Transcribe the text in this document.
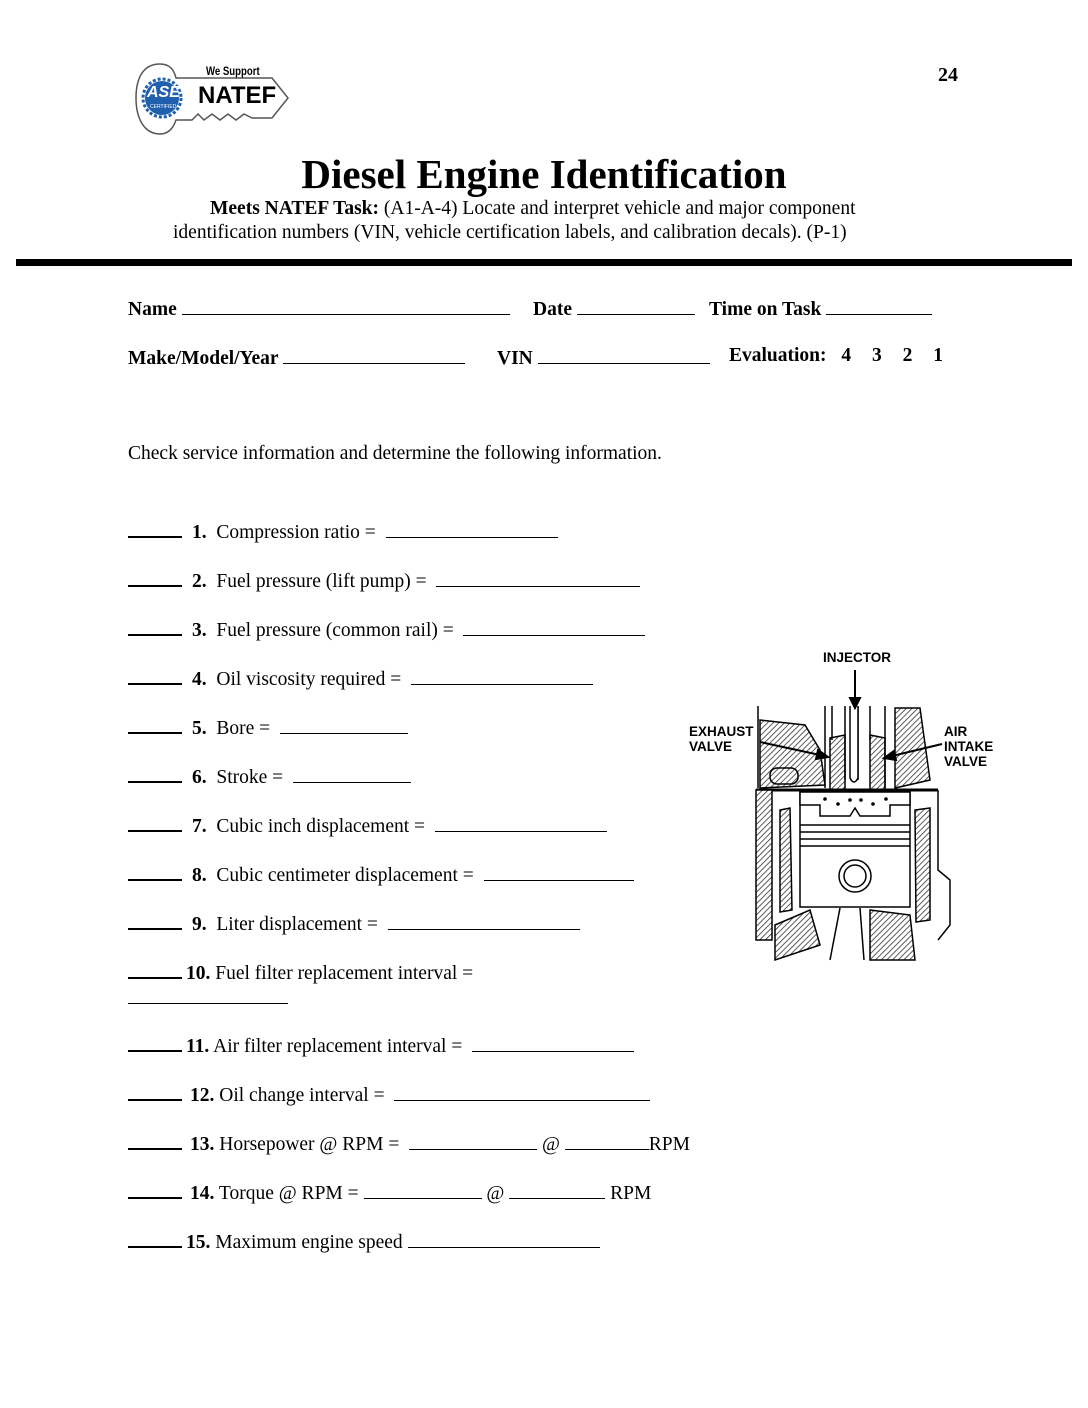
ASE
CERTIFIED
We Support
NATEF
24
Diesel Engine Identification
Meets NATEF Task: (A1-A-4) Locate and interpret vehicle and major component
identification numbers (VIN, vehicle certification labels, and calibration decals). (P-1)
Name	Date	Time on Task
Make/Model/Year	VIN	Evaluation: 4 3 2 1
Check service information and determine the following information.
1. Compression ratio =
2. Fuel pressure (lift pump) =
3. Fuel pressure (common rail) =
4. Oil viscosity required =
5. Bore =
6. Stroke =
7. Cubic inch displacement =
8. Cubic centimeter displacement =
9. Liter displacement =
10. Fuel filter replacement interval =
11. Air filter replacement interval =
12. Oil change interval =
13. Horsepower @ RPM =	@	RPM
14. Torque @ RPM =	@	RPM
15. Maximum engine speed
INJECTOR
EXHAUST
VALVE
AIR
INTAKE
VALVE
